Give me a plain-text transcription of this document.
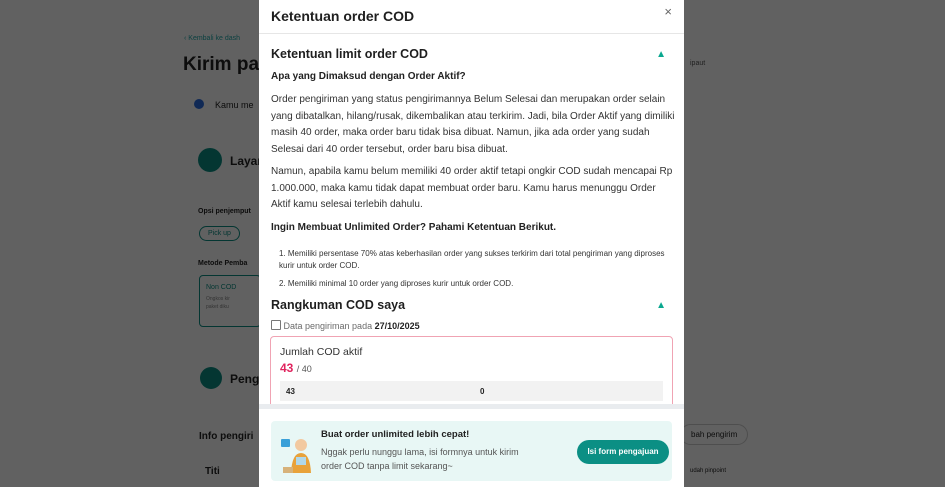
Ketentuan order COD	×
Ketentuan limit order COD	▲
Apa yang Dimaksud dengan Order Aktif?
Order pengiriman yang status pengirimannya Belum Selesai dan merupakan order selain yang dibatalkan, hilang/rusak, dikembalikan atau terkirim. Jadi, bila Order Aktif yang dimiliki masih 40 order, maka order baru tidak bisa dibuat. Namun, jika ada order yang sudah Selesai dari 40 order tersebut, order baru bisa dibuat.
Namun, apabila kamu belum memiliki 40 order aktif tetapi ongkir COD sudah mencapai Rp 1.000.000, maka kamu tidak dapat membuat order baru. Kamu harus menunggu Order Aktif kamu selesai terlebih dahulu.
Ingin Membuat Unlimited Order? Pahami Ketentuan Berikut.
1. Memiliki persentase 70% atas keberhasilan order yang sukses terkirim dari total pengiriman yang diproses kurir untuk order COD.
2. Memiliki minimal 10 order yang diproses kurir untuk order COD.
Rangkuman COD saya	▲
Data pengiriman pada 27/10/2025
Jumlah COD aktif
43 / 40
43	0
Buat order unlimited lebih cepat!
Nggak perlu nunggu lama, isi formnya untuk kirim order COD tanpa limit sekarang~
Isi form pengajuan
